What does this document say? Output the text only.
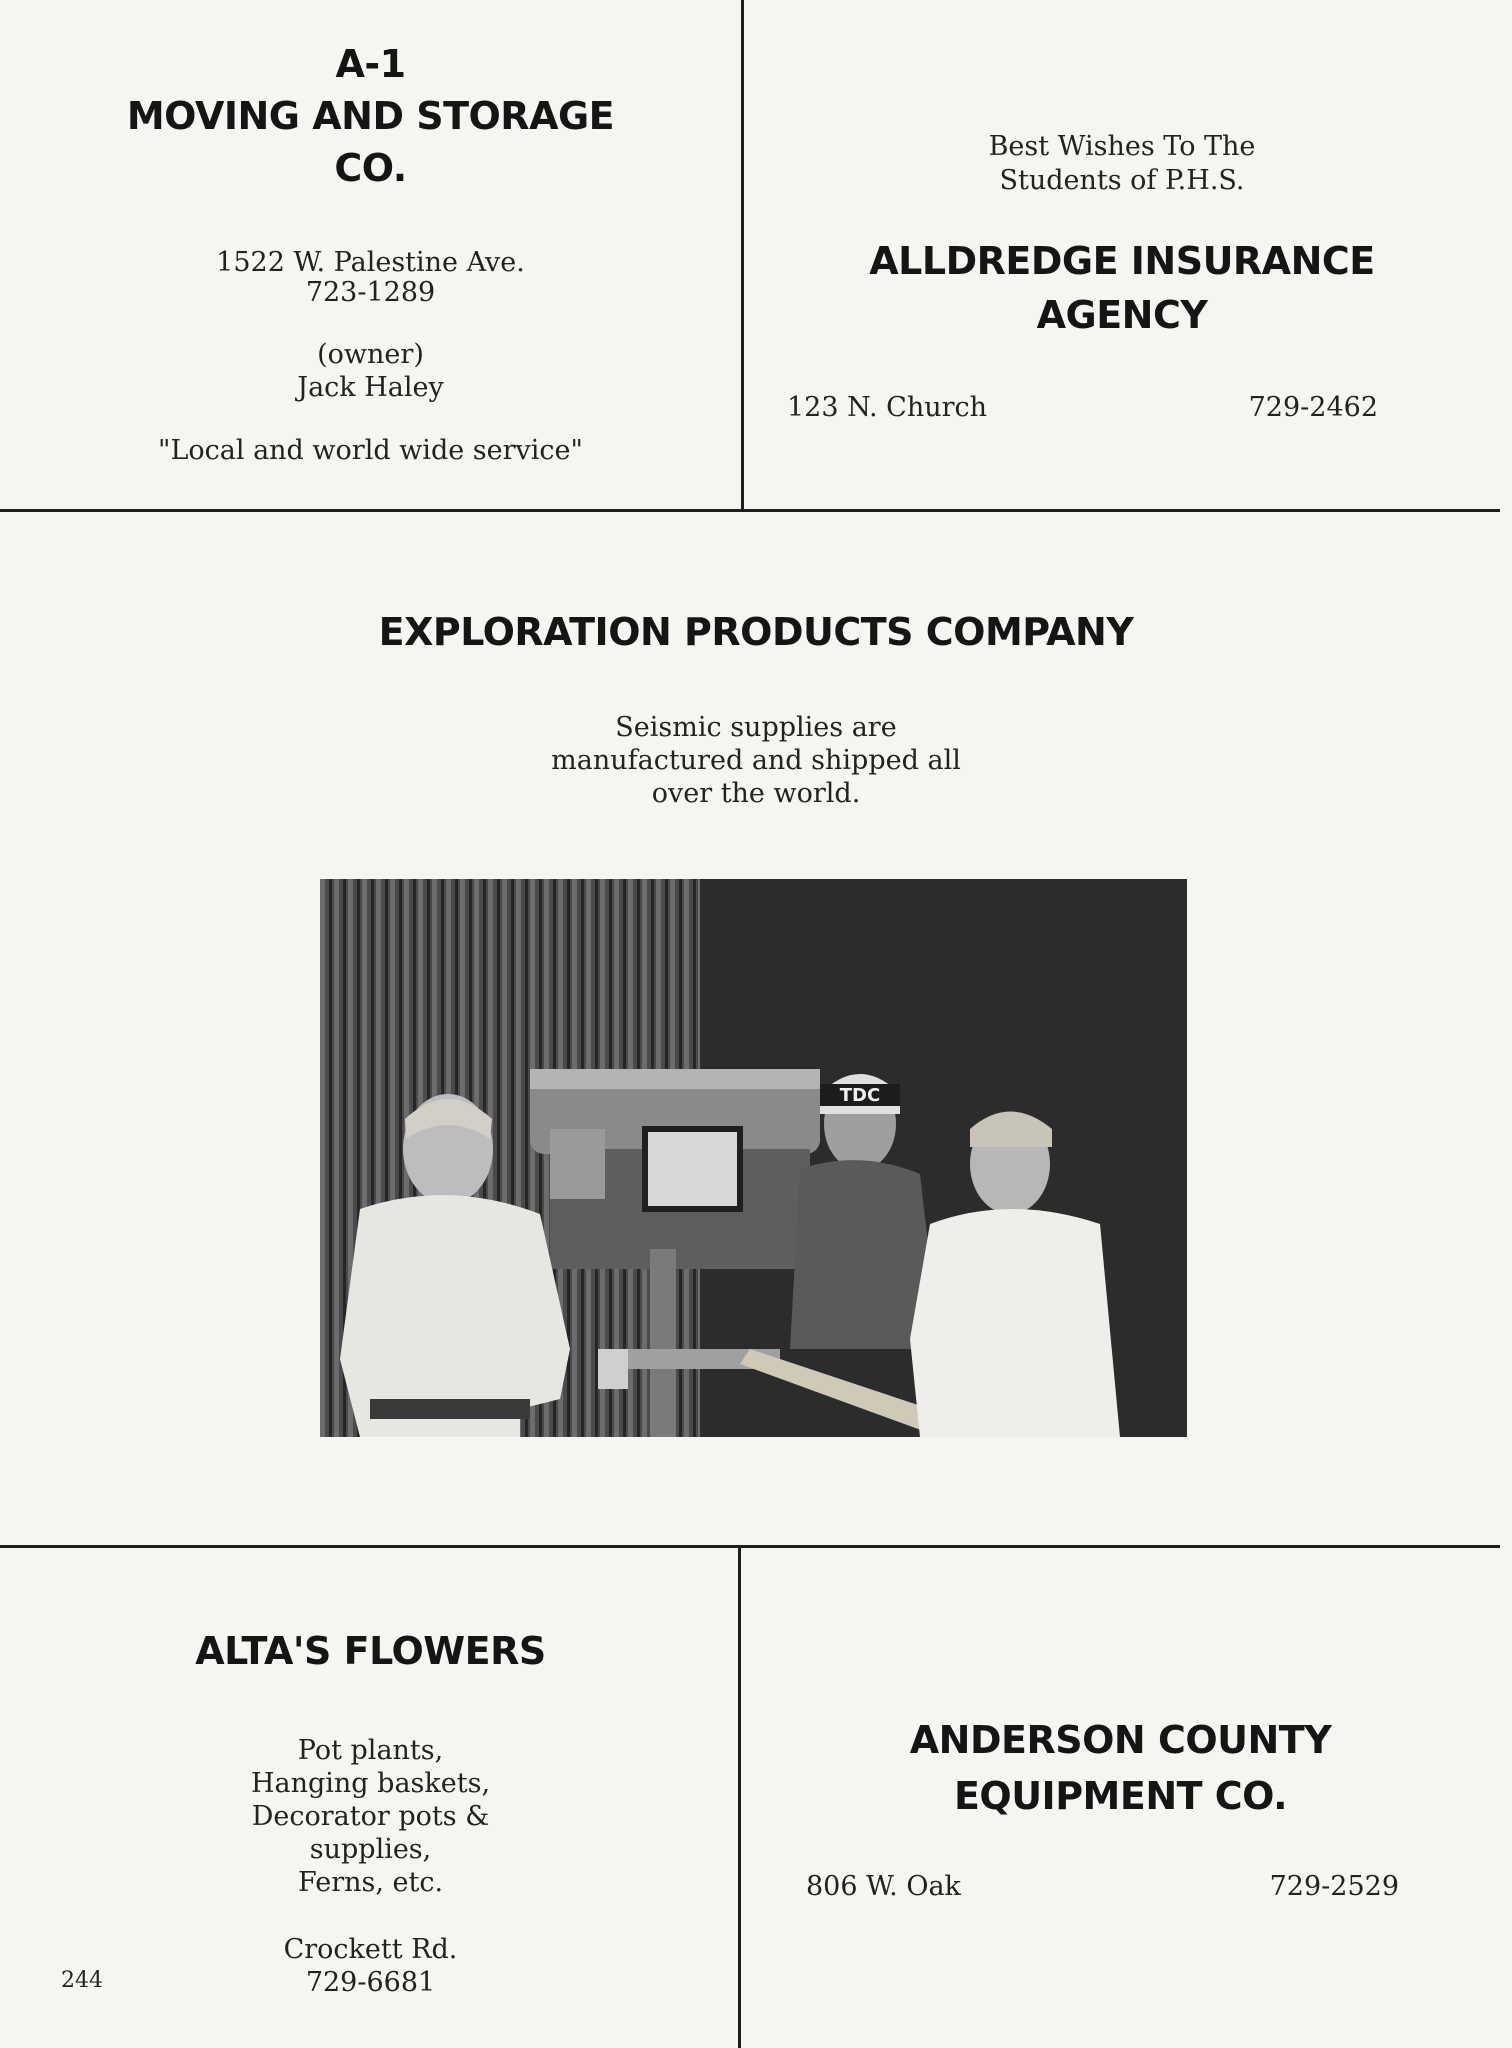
A-1

MOVING AND STORAGE

CO.

1522 W. Palestine Ave.

723-1289

(owner)

Jack Haley

"Local and world wide service"

Best Wishes To The

Students of P.H.S.

ALLDREDGE INSURANCE

AGENCY

123 N. Church	729-2462

EXPLORATION PRODUCTS COMPANY

Seismic supplies are

manufactured and shipped all

over the world.

TDC

ALTA'S FLOWERS

Pot plants,

Hanging baskets,

Decorator pots &

supplies,

Ferns, etc.

Crockett Rd.

729-6681

ANDERSON COUNTY

EQUIPMENT CO.

806 W. Oak	729-2529
244
